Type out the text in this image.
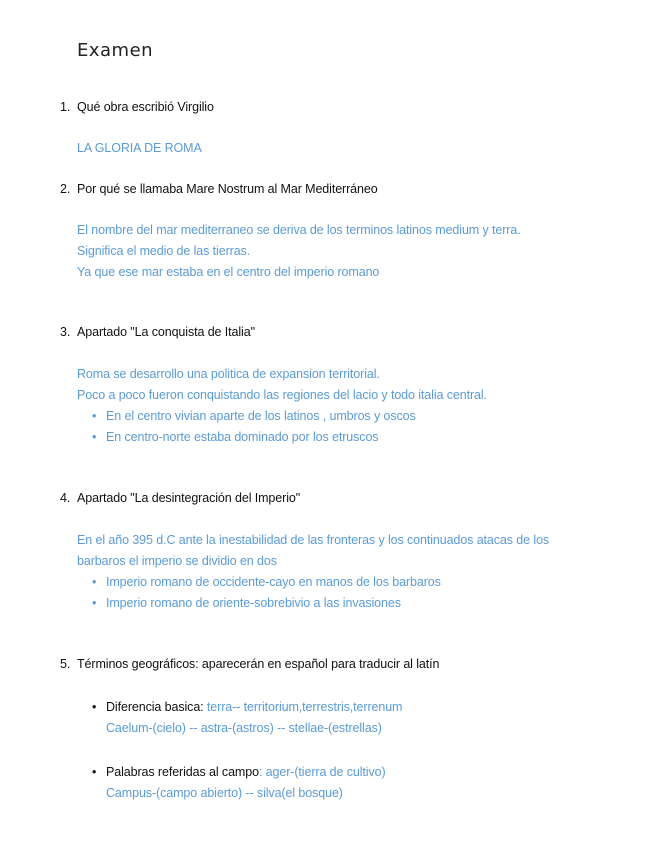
Examen
1. Qué obra escribió Virgilio
LA GLORIA DE ROMA
2. Por qué se llamaba Mare Nostrum al Mar Mediterráneo
El nombre del mar mediterraneo se deriva de los terminos latinos medium y terra.
Significa el medio de las tierras.
Ya que ese mar estaba en el centro del imperio romano
3. Apartado "La conquista de Italia"
Roma se desarrollo una politica de expansion territorial.
Poco a poco fueron conquistando las regiones del lacio y todo italia central.
• En el centro vivian aparte de los latinos , umbros y oscos
• En centro-norte estaba dominado por los etruscos
4. Apartado "La desintegración del Imperio"
En el año 395 d.C ante la inestabilidad de las fronteras y los continuados atacas de los
barbaros el imperio se dividio en dos
• Imperio romano de occidente-cayo en manos de los barbaros
• Imperio romano de oriente-sobrebivio a las invasiones
5. Términos geográficos: aparecerán en español para traducir al latín
• Diferencia basica: terra-- territorium,terrestris,terrenum
Caelum-(cielo) -- astra-(astros) -- stellae-(estrellas)
• Palabras referidas al campo: ager-(tierra de cultivo)
Campus-(campo abierto) -- silva(el bosque)
